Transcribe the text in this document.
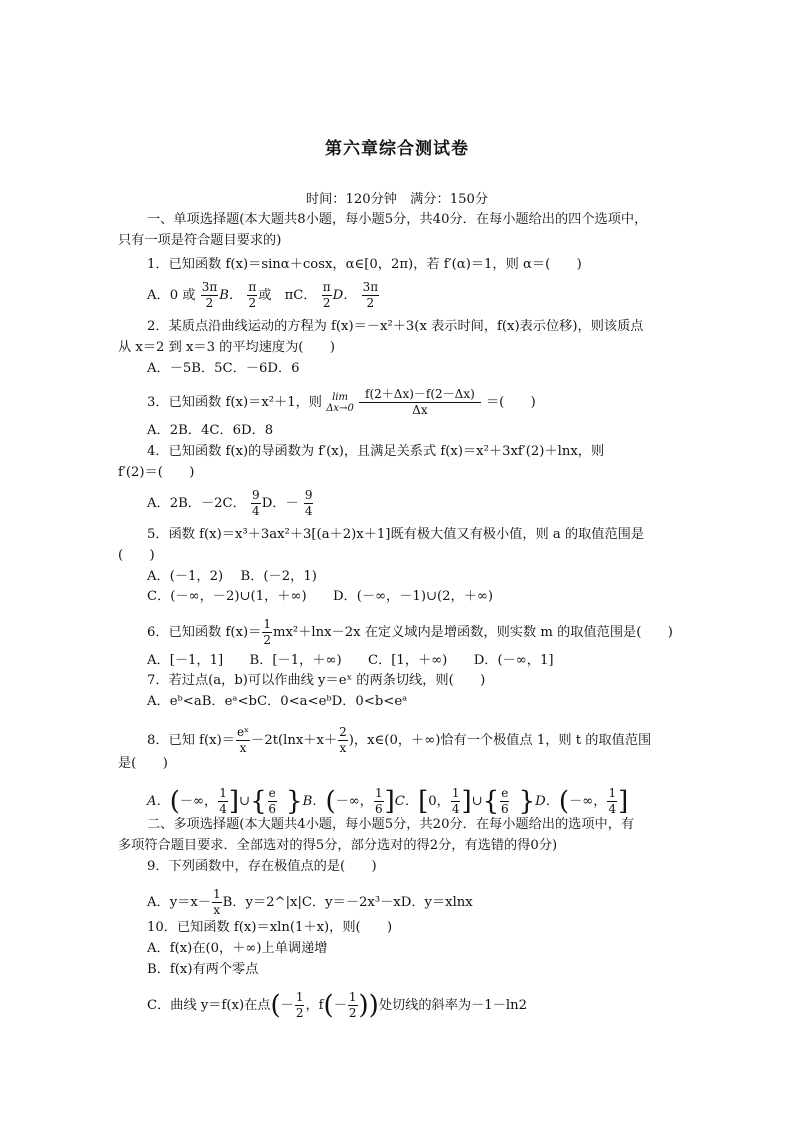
第六章综合测试卷
时间：120分钟　满分：150分
一、单项选择题(本大题共8小题，每小题5分，共40分．在每小题给出的四个选项中，
只有一项是符合题目要求的)
1．已知函数 f(x)＝sinα＋cosx，α∈[0，2π)，若 f′(α)＝1，则 α＝(　　)
A．0 或 $\frac{3\pi}{2}$ B． $\frac{\pi}{2}$ 或　πC． $\frac{\pi}{2}$ D． $\frac{3\pi}{2}$
2．某质点沿曲线运动的方程为 f(x)＝－x²＋3(x 表示时间，f(x)表示位移)，则该质点
从 x＝2 到 x＝3 的平均速度为(　　)
A．－5B．5C．－6D．6
3．已知函数 f(x)＝x²＋1，则	lim
Δx→0
$\frac{f(2+\Delta x)-f(2-\Delta x)}{\Delta x}$ ＝(　　)
A．2B．4C．6D．8
4．已知函数 f(x)的导函数为 f′(x)，且满足关系式 f(x)＝x²＋3xf′(2)＋lnx，则
f′(2)＝(　　)
A．2B．－2C． $\frac{9}{4}$ D．－ $\frac{9}{4}$
5．函数 f(x)＝x³＋3ax²＋3[(a＋2)x＋1]既有极大值又有极小值，则 a 的取值范围是
(　　)
A．(－1，2)　 B．(－2，1)
C．(－∞，－2)∪(1，＋∞)　　D．(－∞，－1)∪(2，＋∞)
6．已知函数 $f(x)= \frac{1}{2} mx^2+\ln x-2x$ 在定义域内是增函数，则实数 m 的取值范围是(　　)
A．[－1，1]　　B．[－1，＋∞)　　C．[1，＋∞)　　D．(－∞，1]
7．若过点(a，b)可以作曲线 y＝eˣ 的两条切线，则(　　)
A．eᵇ<aB．eᵃ<bC．0<a<eᵇD．0<b<eᵃ
8．已知 $f(x)= \frac{\text{eˣ}}{x} -2t(\ln x+x+ \frac{2}{x}$ )，x∈(0，＋∞)恰有一个极值点 1，则 t 的取值范围
是(　　)
A．(－∞， $\frac{1}{4}$ ]∪{ $\frac{e}{6} \}B$．(－∞， $\frac{1}{6} ]C$．[0， $\frac{1}{4}$ ]∪{ $\frac{e}{6} \}D$．(－∞， $\frac{1}{4}$ ]
二、多项选择题(本大题共4小题，每小题5分，共20分．在每小题给出的选项中，有
多项符合题目要求．全部选对的得5分，部分选对的得2分，有选错的得0分)
9．下列函数中，存在极值点的是(　　)
A．$y=x- \frac{1}{x}$ B．y＝2^|x|C．y＝－2x³－xD．y＝xlnx
10．已知函数 f(x)＝xln(1＋x)，则(　　)
A．f(x)在(0，＋∞)上单调递增
B．f(x)有两个零点
C．曲线 y＝f(x)在点(－ $\frac{1}{2}$ ，$f(- \frac{1}{2}$ ))处切线的斜率为－1－ln2
